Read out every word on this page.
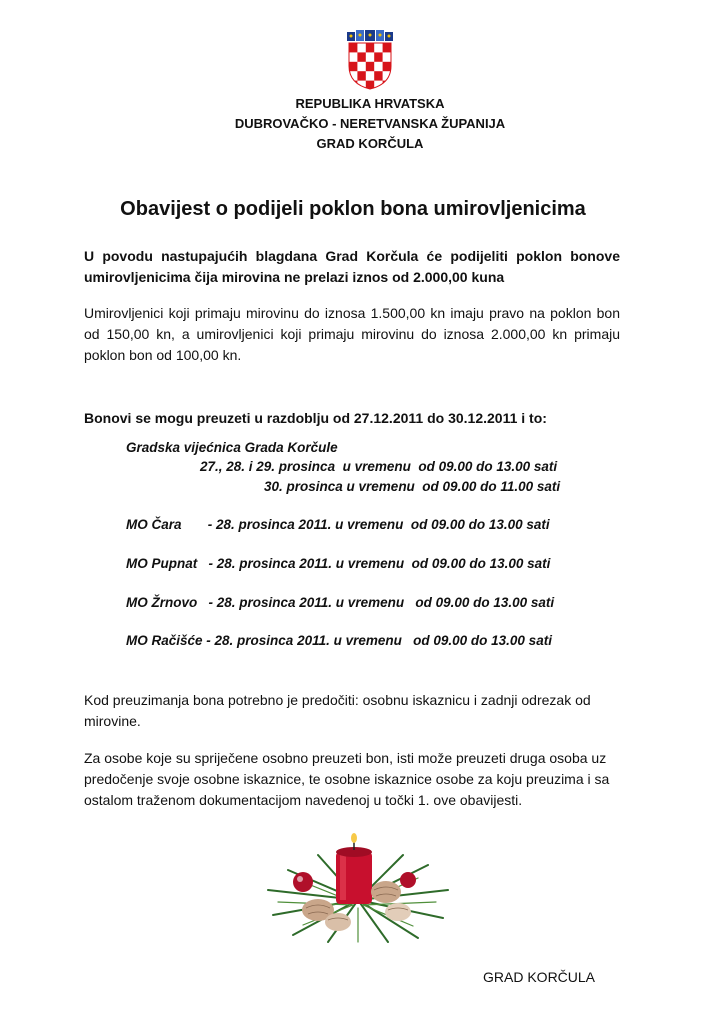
REPUBLIKA HRVATSKA
DUBROVAČKO - NERETVANSKA ŽUPANIJA
GRAD KORČULA
Obavijest o podijeli poklon bona umirovljenicima
U povodu nastupajućih blagdana Grad Korčula će podijeliti poklon bonove umirovljenicima čija mirovina ne prelazi iznos od 2.000,00 kuna
Umirovljenici koji primaju mirovinu do iznosa 1.500,00 kn imaju pravo na poklon bon od 150,00 kn, a umirovljenici koji primaju mirovinu do iznosa 2.000,00 kn primaju poklon bon od 100,00 kn.
Bonovi se mogu preuzeti u razdoblju od 27.12.2011 do 30.12.2011 i to:
Gradska vijećnica Grada Korčule
27., 28. i 29. prosinca  u vremenu  od 09.00 do 13.00 sati
30. prosinca u vremenu  od 09.00 do 11.00 sati
MO Čara       - 28. prosinca 2011. u vremenu  od 09.00 do 13.00 sati
MO Pupnat   - 28. prosinca 2011. u vremenu  od 09.00 do 13.00 sati
MO Žrnovo   - 28. prosinca 2011. u vremenu   od 09.00 do 13.00 sati
MO Račišće - 28. prosinca 2011. u vremenu   od 09.00 do 13.00 sati
Kod preuzimanja bona potrebno je predočiti: osobnu iskaznicu i zadnji odrezak od mirovine.
Za osobe koje su spriječene osobno preuzeti bon, isti može preuzeti druga osoba uz predočenje svoje osobne iskaznice, te osobne iskaznice osobe za koju preuzima i sa ostalom traženom dokumentacijom navedenoj u točki 1. ove obavijesti.
GRAD KORČULA
